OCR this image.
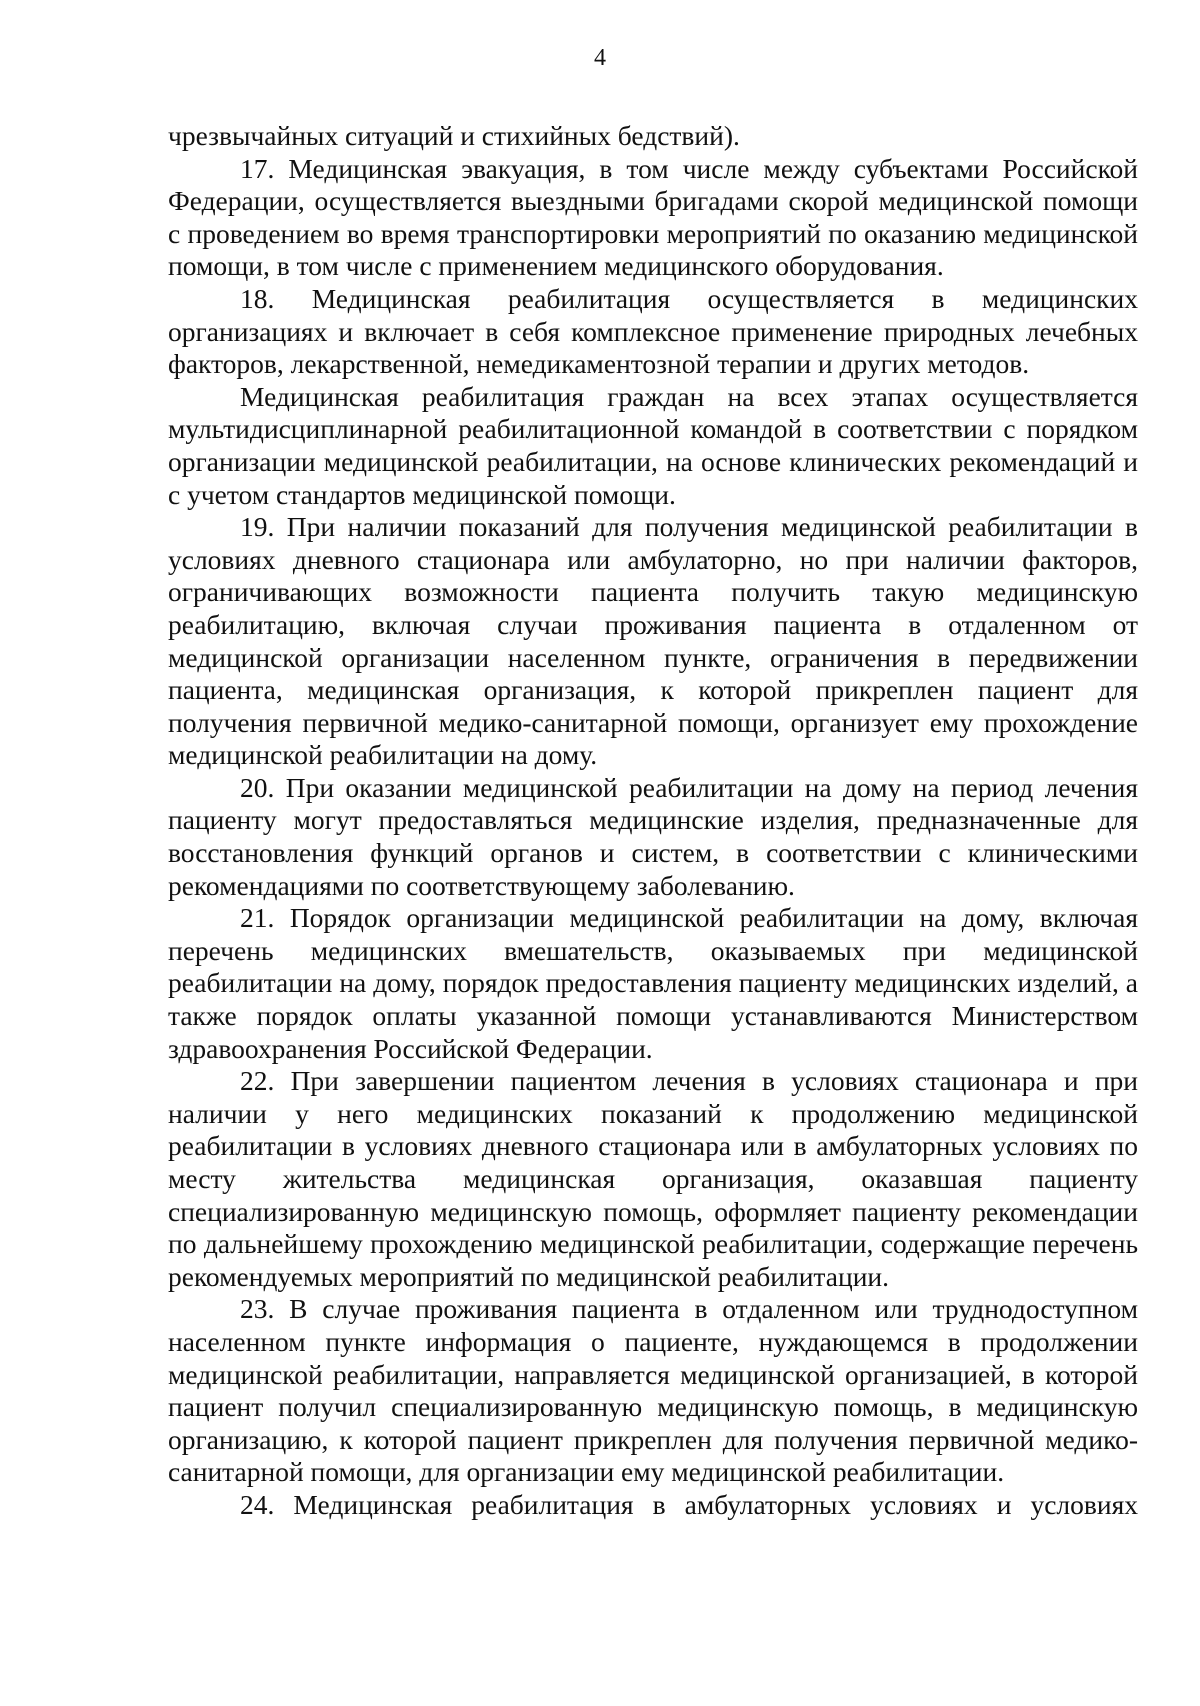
4

чрезвычайных ситуаций и стихийных бедствий).

17. Медицинская эвакуация, в том числе между субъектами Российской Федерации, осуществляется выездными бригадами скорой медицинской помощи с проведением во время транспортировки мероприятий по оказанию медицинской помощи, в том числе с применением медицинского оборудования.

18. Медицинская реабилитация осуществляется в медицинских организациях и включает в себя комплексное применение природных лечебных факторов, лекарственной, немедикаментозной терапии и других методов.

Медицинская реабилитация граждан на всех этапах осуществляется мультидисциплинарной реабилитационной командой в соответствии с порядком организации медицинской реабилитации, на основе клинических рекомендаций и с учетом стандартов медицинской помощи.

19. При наличии показаний для получения медицинской реабилитации в условиях дневного стационара или амбулаторно, но при наличии факторов, ограничивающих возможности пациента получить такую медицинскую реабилитацию, включая случаи проживания пациента в отдаленном от медицинской организации населенном пункте, ограничения в передвижении пациента, медицинская организация, к которой прикреплен пациент для получения первичной медико-санитарной помощи, организует ему прохождение медицинской реабилитации на дому.

20. При оказании медицинской реабилитации на дому на период лечения пациенту могут предоставляться медицинские изделия, предназначенные для восстановления функций органов и систем, в соответствии с клиническими рекомендациями по соответствующему заболеванию.

21. Порядок организации медицинской реабилитации на дому, включая перечень медицинских вмешательств, оказываемых при медицинской реабилитации на дому, порядок предоставления пациенту медицинских изделий, а также порядок оплаты указанной помощи устанавливаются Министерством здравоохранения Российской Федерации.

22. При завершении пациентом лечения в условиях стационара и при наличии у него медицинских показаний к продолжению медицинской реабилитации в условиях дневного стационара или в амбулаторных условиях по месту жительства медицинская организация, оказавшая пациенту специализированную медицинскую помощь, оформляет пациенту рекомендации по дальнейшему прохождению медицинской реабилитации, содержащие перечень рекомендуемых мероприятий по медицинской реабилитации.

23. В случае проживания пациента в отдаленном или труднодоступном населенном пункте информация о пациенте, нуждающемся в продолжении медицинской реабилитации, направляется медицинской организацией, в которой пациент получил специализированную медицинскую помощь, в медицинскую организацию, к которой пациент прикреплен для получения первичной медико-санитарной помощи, для организации ему медицинской реабилитации.

24. Медицинская реабилитация в амбулаторных условиях и условиях
